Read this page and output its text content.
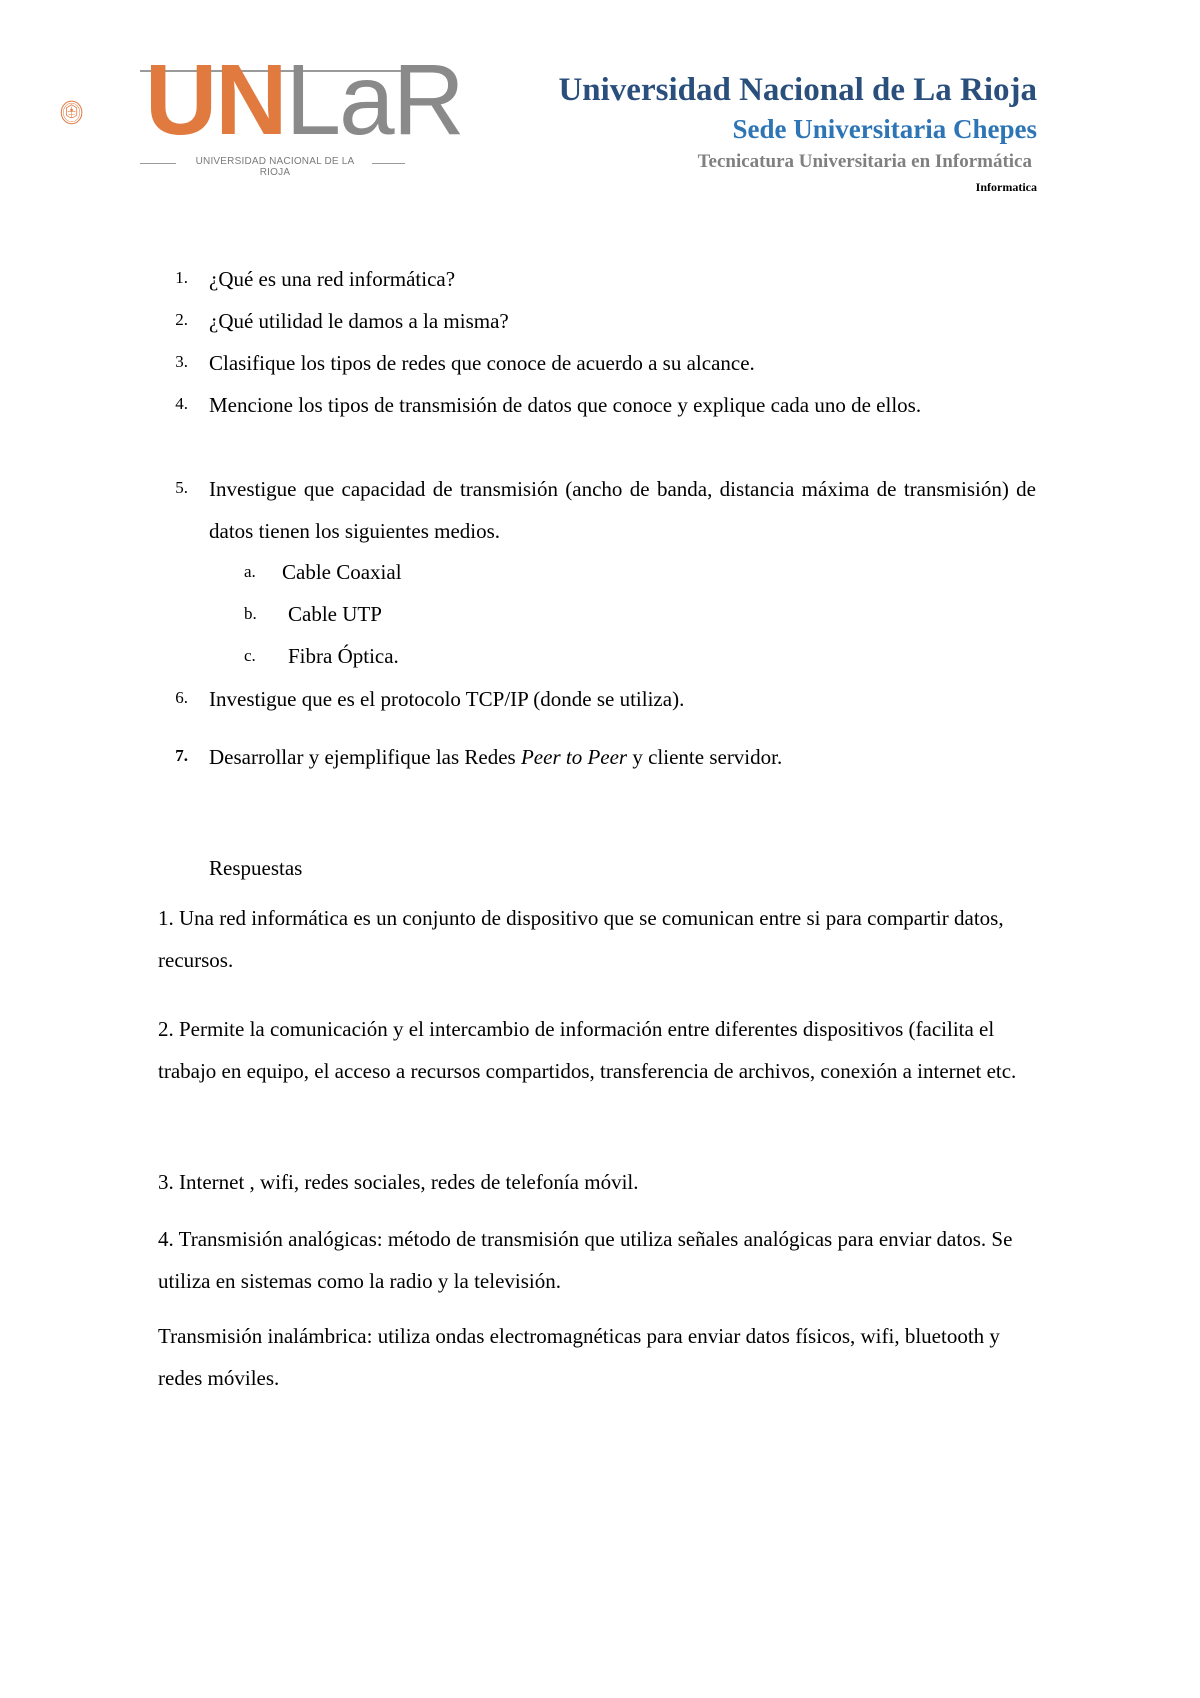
UNLaR
UNIVERSIDAD NACIONAL DE LA RIOJA
Universidad Nacional de La Rioja
Sede Universitaria Chepes
Tecnicatura Universitaria en Informática
Informatica
1. ¿Qué es una red informática?
2. ¿Qué utilidad le damos a la misma?
3. Clasifique los tipos de redes que conoce de acuerdo a su alcance.
4. Mencione los tipos de transmisión de datos que conoce y explique cada uno de ellos.
5. Investigue que capacidad de transmisión (ancho de banda, distancia máxima de transmisión) de datos tienen los siguientes medios.
a. Cable Coaxial
b. Cable UTP
c. Fibra Óptica.
6. Investigue que es el protocolo TCP/IP (donde se utiliza).
7. Desarrollar y ejemplifique las Redes Peer to Peer y cliente servidor.
Respuestas
1. Una red informática es un conjunto de dispositivo que se comunican entre si para compartir datos, recursos.
2. Permite la comunicación y el intercambio de información entre diferentes dispositivos (facilita el trabajo en equipo, el acceso a recursos compartidos, transferencia de archivos, conexión a internet etc.
3. Internet , wifi, redes sociales, redes de telefonía móvil.
4. Transmisión analógicas: método de transmisión que utiliza señales analógicas para enviar datos. Se utiliza en sistemas como la radio y la televisión.
Transmisión inalámbrica: utiliza ondas electromagnéticas para enviar datos físicos, wifi, bluetooth y redes móviles.
